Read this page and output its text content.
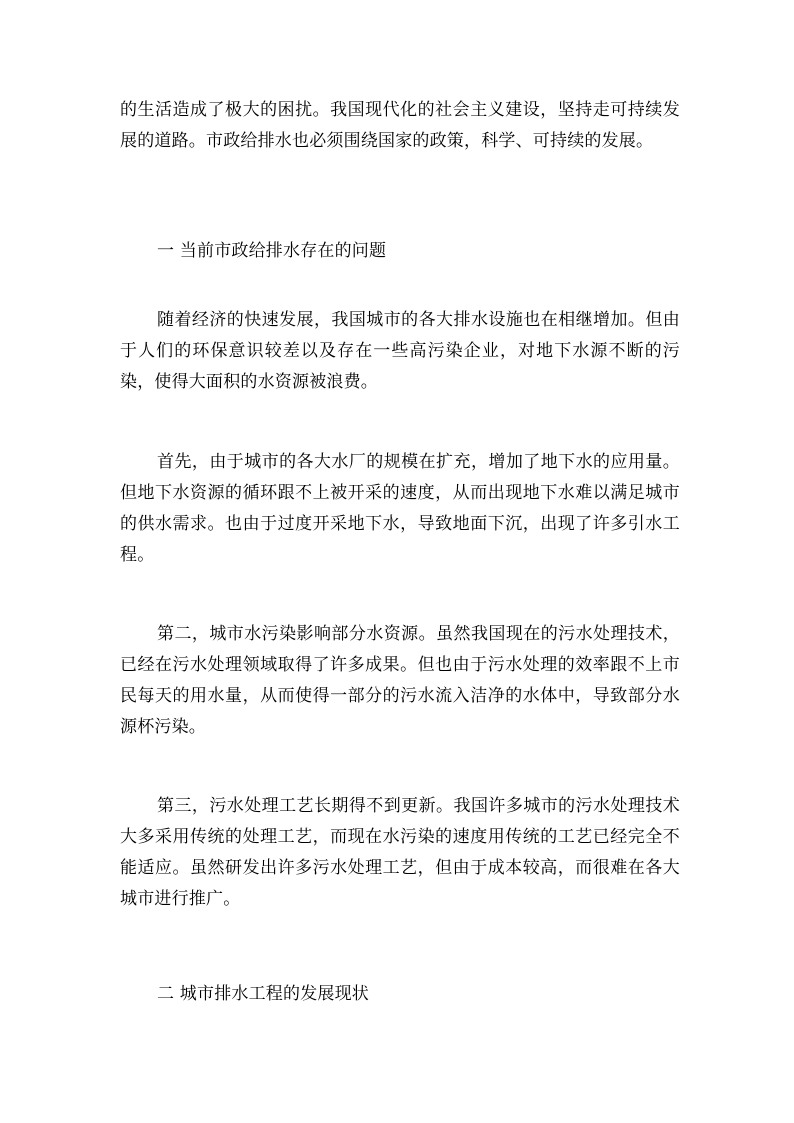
的生活造成了极大的困扰。我国现代化的社会主义建设，坚持走可持续发展的道路。市政给排水也必须围绕国家的政策，科学、可持续的发展。

一 当前市政给排水存在的问题

随着经济的快速发展，我国城市的各大排水设施也在相继增加。但由于人们的环保意识较差以及存在一些高污染企业，对地下水源不断的污染，使得大面积的水资源被浪费。

首先，由于城市的各大水厂的规模在扩充，增加了地下水的应用量。但地下水资源的循环跟不上被开采的速度，从而出现地下水难以满足城市的供水需求。也由于过度开采地下水，导致地面下沉，出现了许多引水工程。

第二，城市水污染影响部分水资源。虽然我国现在的污水处理技术，已经在污水处理领域取得了许多成果。但也由于污水处理的效率跟不上市民每天的用水量，从而使得一部分的污水流入洁净的水体中，导致部分水源杯污染。

第三，污水处理工艺长期得不到更新。我国许多城市的污水处理技术大多采用传统的处理工艺，而现在水污染的速度用传统的工艺已经完全不能适应。虽然研发出许多污水处理工艺，但由于成本较高，而很难在各大城市进行推广。

二 城市排水工程的发展现状
